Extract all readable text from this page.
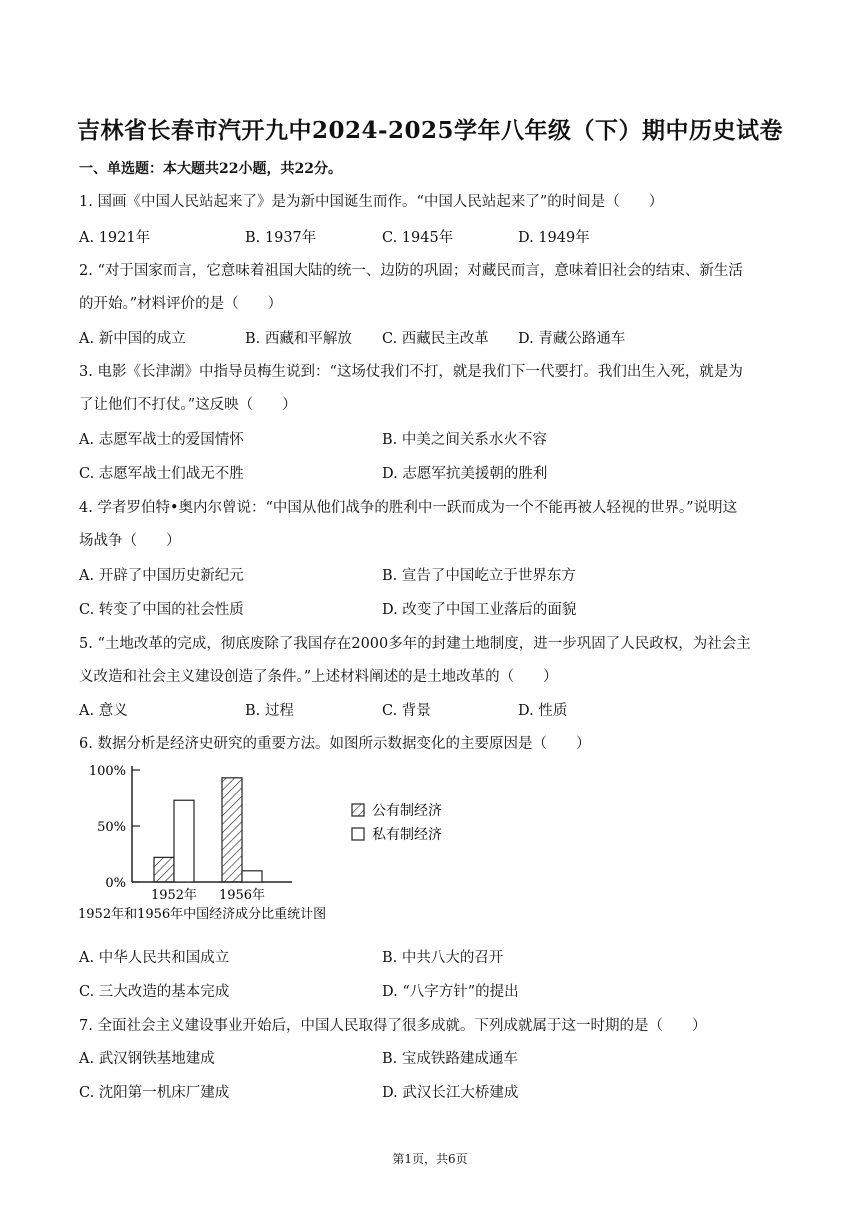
吉林省长春市汽开九中2024-2025学年八年级（下）期中历史试卷
一、单选题：本大题共22小题，共22分。
1. 国画《中国人民站起来了》是为新中国诞生而作。“中国人民站起来了”的时间是（　　）
A. 1921年	B. 1937年	C. 1945年	D. 1949年
2. “对于国家而言，它意味着祖国大陆的统一、边防的巩固；对藏民而言，意味着旧社会的结束、新生活
的开始。”材料评价的是（　　）
A. 新中国的成立	B. 西藏和平解放 C. 西藏民主改革 D. 青藏公路通车
3. 电影《长津湖》中指导员梅生说到：“这场仗我们不打，就是我们下一代要打。我们出生入死，就是为
了让他们不打仗。”这反映（　　）
A. 志愿军战士的爱国情怀	B. 中美之间关系水火不容
C. 志愿军战士们战无不胜	D. 志愿军抗美援朝的胜利
4. 学者罗伯特•奥内尔曾说：“中国从他们战争的胜利中一跃而成为一个不能再被人轻视的世界。”说明这
场战争（　　）
A. 开辟了中国历史新纪元	B. 宣告了中国屹立于世界东方
C. 转变了中国的社会性质	D. 改变了中国工业落后的面貌
5. “土地改革的完成，彻底废除了我国存在2000多年的封建土地制度，进一步巩固了人民政权，为社会主
义改造和社会主义建设创造了条件。”上述材料阐述的是土地改革的（　　）
A. 意义	B. 过程	C. 背景	D. 性质
6. 数据分析是经济史研究的重要方法。如图所示数据变化的主要原因是（　　）
100%
50%
0%
1952年 1956年
公有制经济
私有制经济
1952年和1956年中国经济成分比重统计图
A. 中华人民共和国成立	B. 中共八大的召开
C. 三大改造的基本完成	D. “八字方针”的提出
7. 全面社会主义建设事业开始后，中国人民取得了很多成就。下列成就属于这一时期的是（　　）
A. 武汉钢铁基地建成	B. 宝成铁路建成通车
C. 沈阳第一机床厂建成	D. 武汉长江大桥建成
第1页，共6页
